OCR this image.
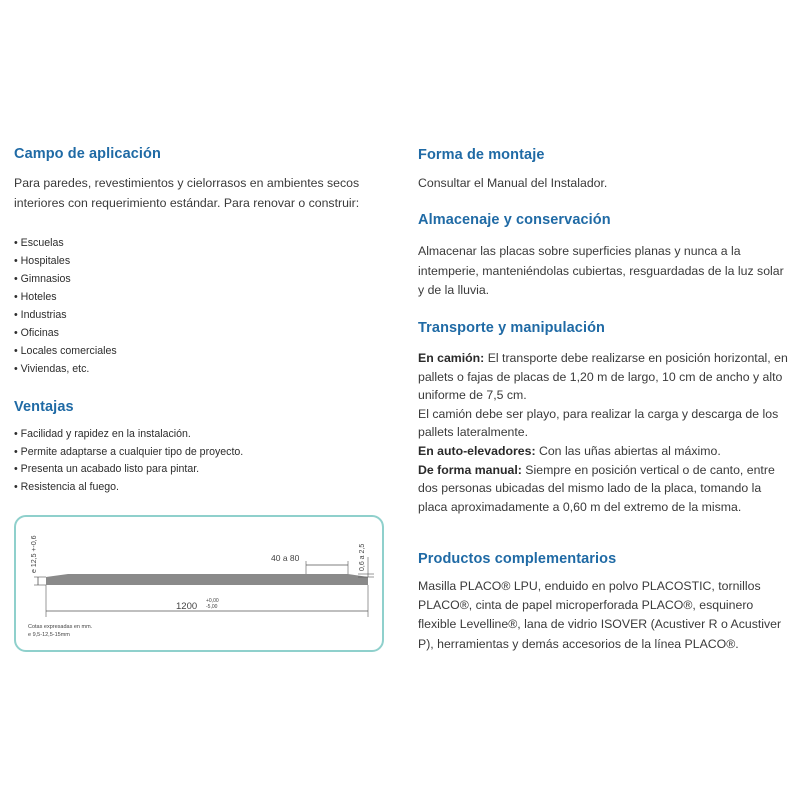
Campo de aplicación

Para paredes, revestimientos y cielorrasos en ambientes secos interiores con requerimiento estándar. Para renovar o construir:

• Escuelas
• Hospitales
• Gimnasios
• Hoteles
• Industrias
• Oficinas
• Locales comerciales
• Viviendas, etc.
Ventajas
• Facilidad y rapidez en la instalación.
• Permite adaptarse a cualquier tipo de proyecto.
• Presenta un acabado listo para pintar.
• Resistencia al fuego.
e 12,5 +-0,6	0,6 a 2,5
40 a 80
1200 +0,00
-5,00
Cotas expresadas en mm.
e 9,5-12,5-15mm
Forma de montaje

Consultar el Manual del Instalador.

Almacenaje y conservación

Almacenar las placas sobre superficies planas y nunca a la intemperie, manteniéndolas cubiertas, resguardadas de la luz solar y de la lluvia.

Transporte y manipulación
En camión: El transporte debe realizarse en posición horizontal, en pallets o fajas de placas de 1,20 m de largo, 10 cm de ancho y alto uniforme de 7,5 cm.
El camión debe ser playo, para realizar la carga y descarga de los pallets lateralmente.
En auto-elevadores: Con las uñas abiertas al máximo.
De forma manual: Siempre en posición vertical o de canto, entre dos personas ubicadas del mismo lado de la placa, tomando la placa aproximadamente a 0,60 m del extremo de la misma.
Productos complementarios

Masilla PLACO® LPU, enduido en polvo PLACOSTIC, tornillos PLACO®, cinta de papel microperforada PLACO®, esquinero flexible Levelline®, lana de vidrio ISOVER (Acustiver R o Acustiver P), herramientas y demás accesorios de la línea PLACO®.
